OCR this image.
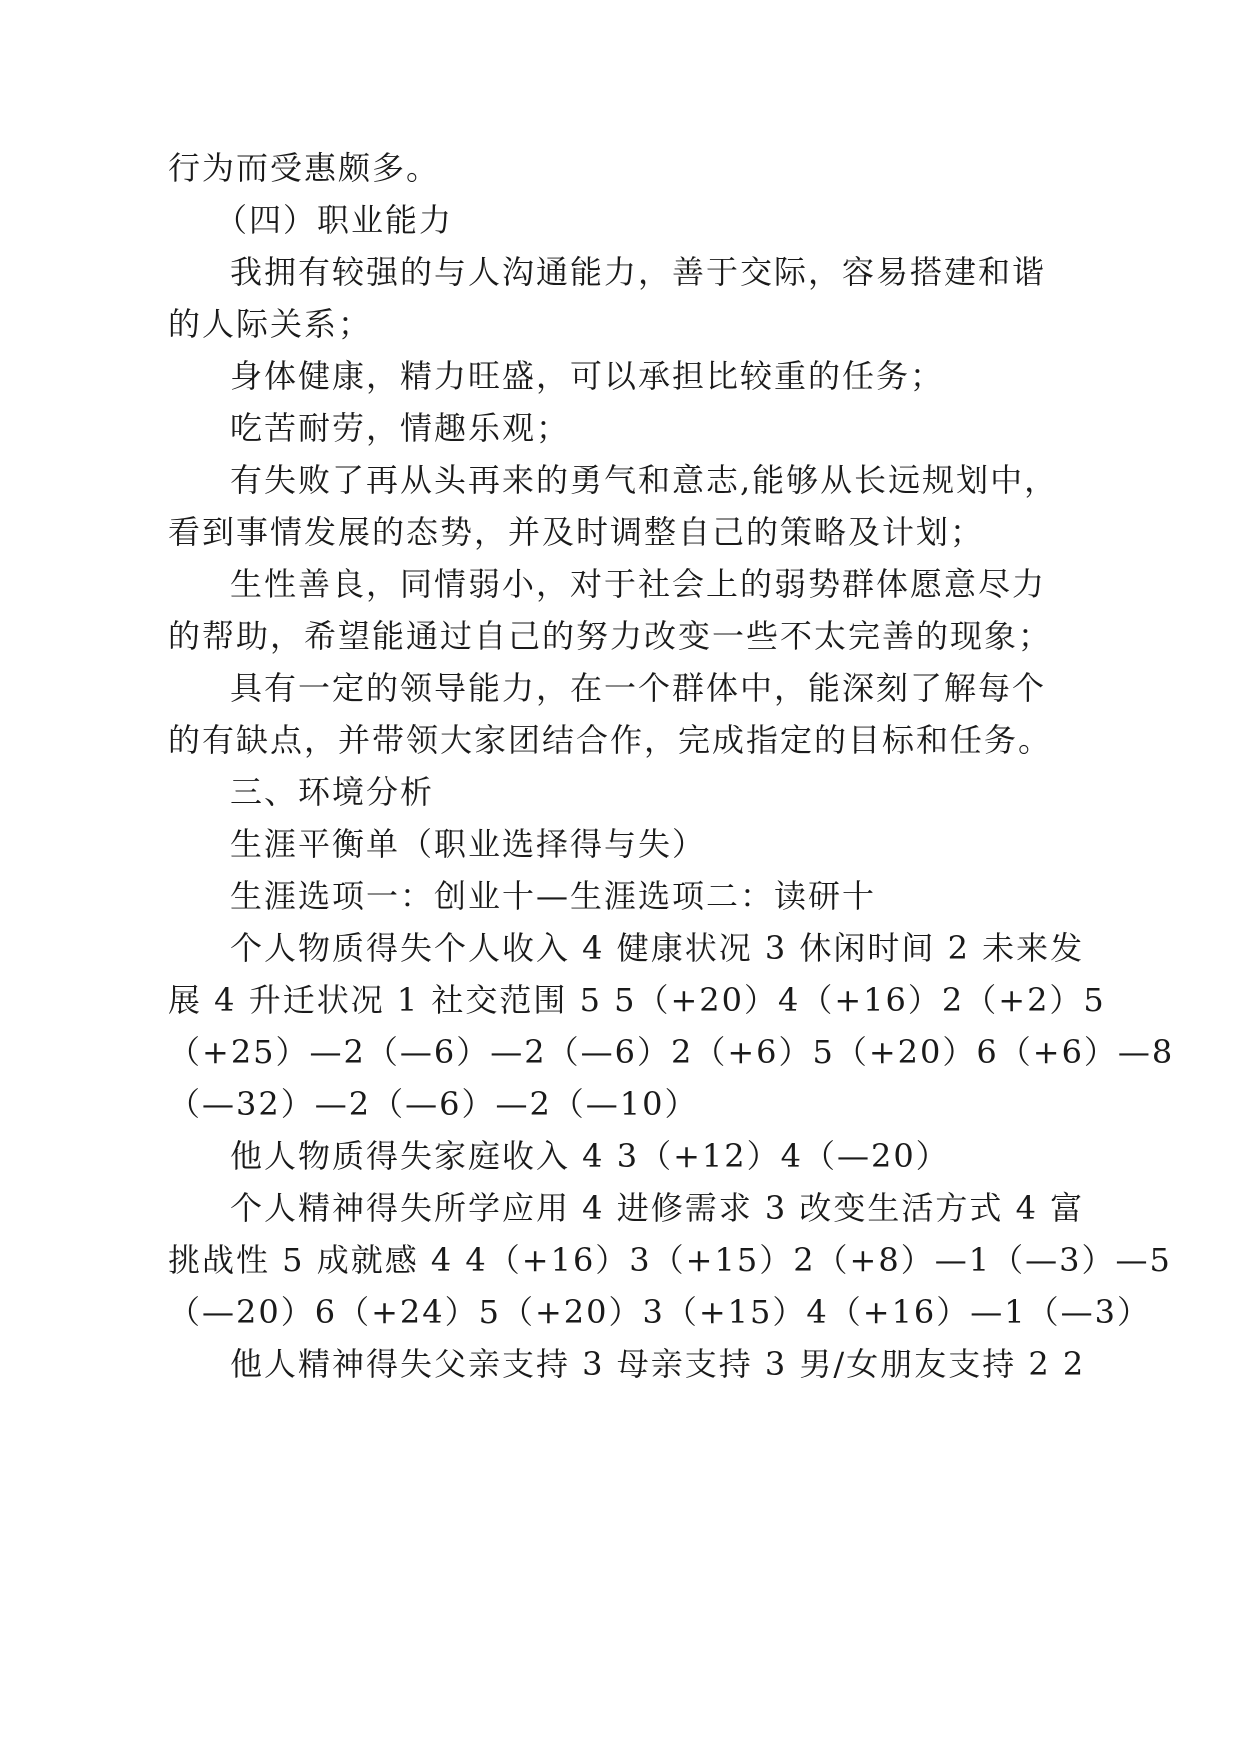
行为而受惠颇多。
（四）职业能力
我拥有较强的与人沟通能力，善于交际，容易搭建和谐
的人际关系；
身体健康，精力旺盛，可以承担比较重的任务；
吃苦耐劳，情趣乐观；
有失败了再从头再来的勇气和意志,能够从长远规划中，
看到事情发展的态势，并及时调整自己的策略及计划；
生性善良，同情弱小，对于社会上的弱势群体愿意尽力
的帮助，希望能通过自己的努力改变一些不太完善的现象；
具有一定的领导能力，在一个群体中，能深刻了解每个
的有缺点，并带领大家团结合作，完成指定的目标和任务。
三、环境分析
生涯平衡单（职业选择得与失）
生涯选项一：创业十—生涯选项二：读研十
个人物质得失个人收入 4 健康状况 3 休闲时间 2 未来发
展 4 升迁状况 1 社交范围 5 5（+20）4（+16）2（+2）5
（+25）—2（—6）—2（—6）2（+6）5（+20）6（+6）—8
（—32）—2（—6）—2（—10）
他人物质得失家庭收入 4 3（+12）4（—20）
个人精神得失所学应用 4 进修需求 3 改变生活方式 4 富
挑战性 5 成就感 4 4（+16）3（+15）2（+8）—1（—3）—5
（—20）6（+24）5（+20）3（+15）4（+16）—1（—3）
他人精神得失父亲支持 3 母亲支持 3 男/女朋友支持 2 2
